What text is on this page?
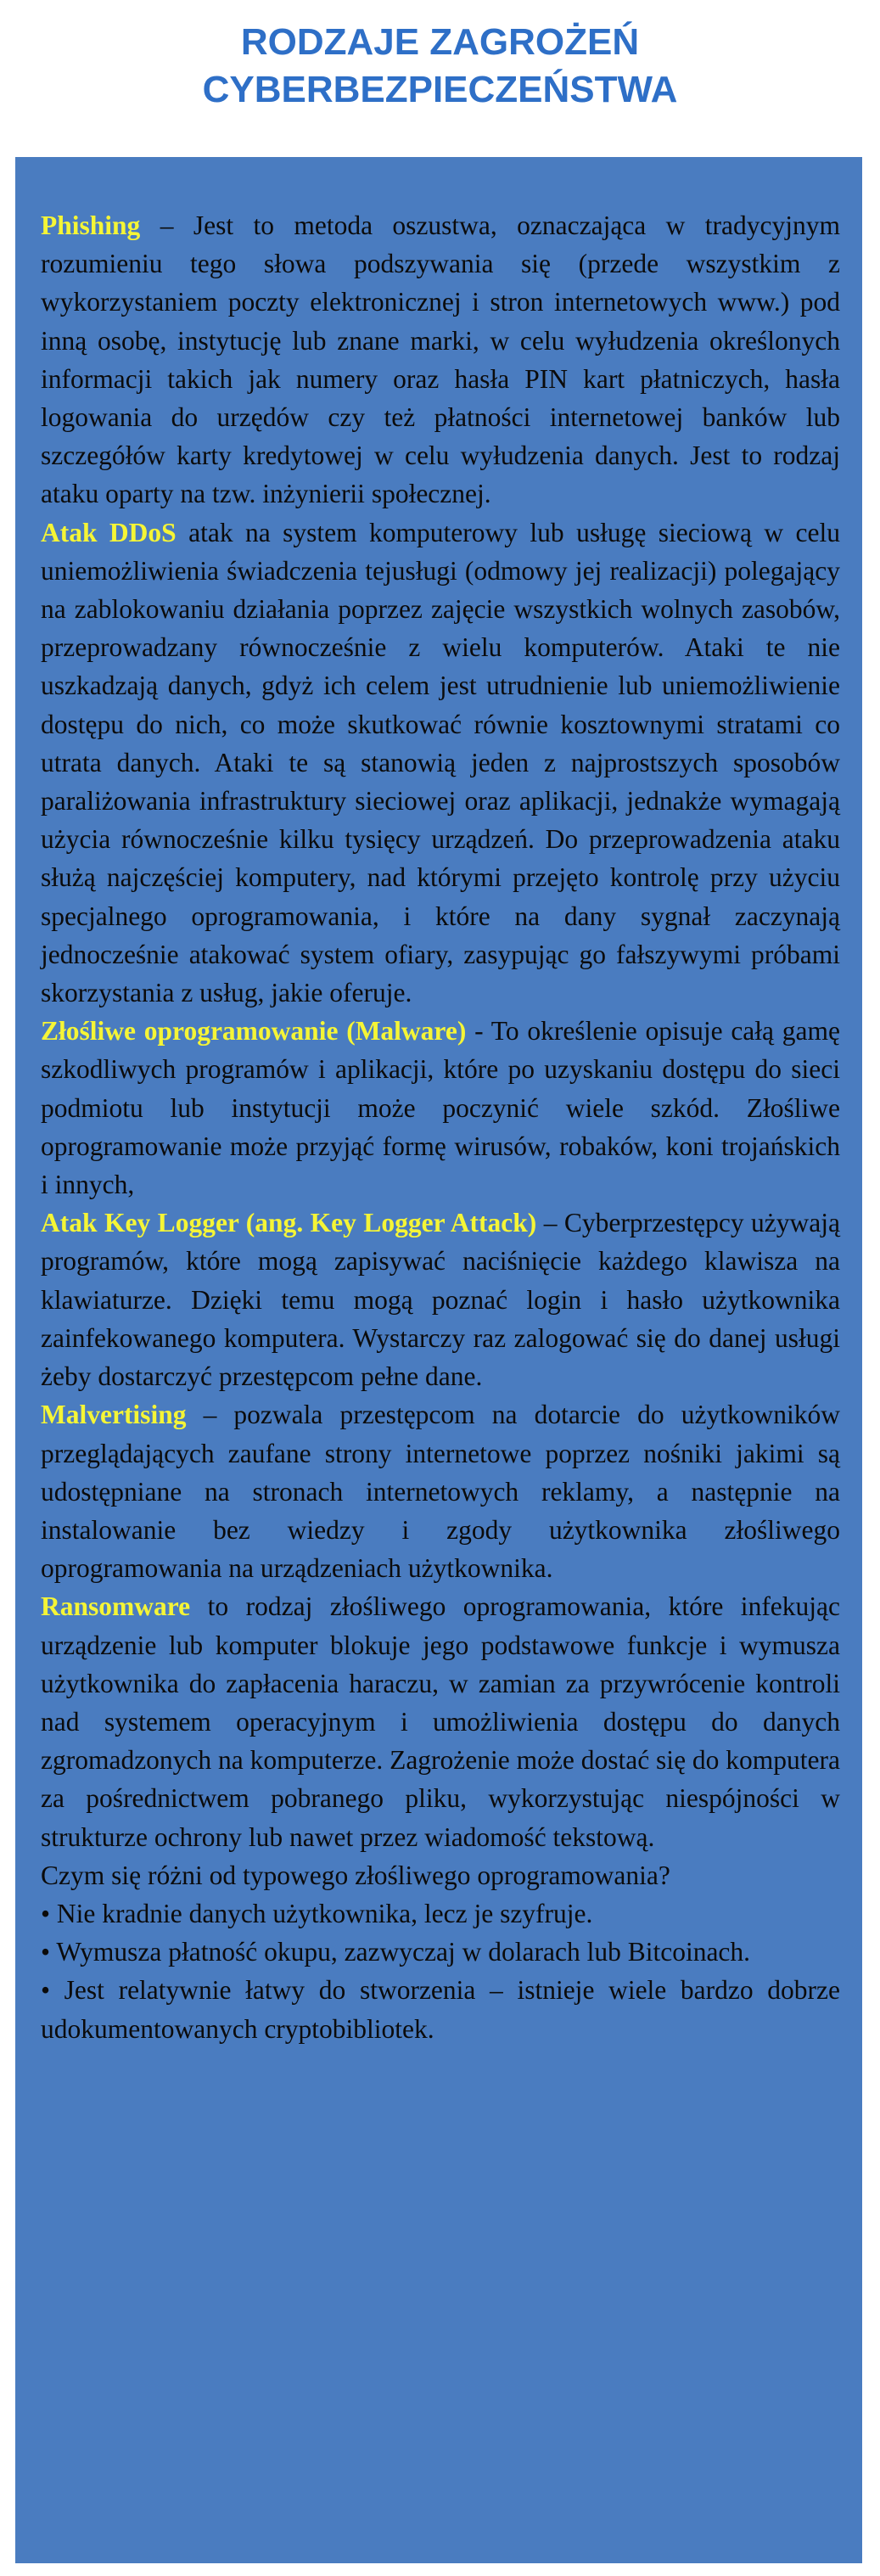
RODZAJE ZAGROŻEŃ
CYBERBEZPIECZEŃSTWA

Phishing – Jest to metoda oszustwa, oznaczająca w tradycyjnym rozumieniu tego słowa podszywania się (przede wszystkim z wykorzystaniem poczty elektronicznej i stron internetowych www.) pod inną osobę, instytucję lub znane marki, w celu wyłudzenia określonych informacji takich jak numery oraz hasła PIN kart płatniczych, hasła logowania do urzędów czy też płatności internetowej banków lub szczegółów karty kredytowej w celu wyłudzenia danych. Jest to rodzaj ataku oparty na tzw. inżynierii społecznej.

Atak DDoS atak na system komputerowy lub usługę sieciową w celu uniemożliwienia świadczenia tejusługi (odmowy jej realizacji) polegający na zablokowaniu działania poprzez zajęcie wszystkich wolnych zasobów, przeprowadzany równocześnie z wielu komputerów. Ataki te nie uszkadzają danych, gdyż ich celem jest utrudnienie lub uniemożliwienie dostępu do nich, co może skutkować równie kosztownymi stratami co utrata danych. Ataki te są stanowią jeden z najprostszych sposobów paraliżowania infrastruktury sieciowej oraz aplikacji, jednakże wymagają użycia równocześnie kilku tysięcy urządzeń. Do przeprowadzenia ataku służą najczęściej komputery, nad którymi przejęto kontrolę przy użyciu specjalnego oprogramowania, i które na dany sygnał zaczynają jednocześnie atakować system ofiary, zasypując go fałszywymi próbami skorzystania z usług, jakie oferuje.

Złośliwe oprogramowanie (Malware) - To określenie opisuje całą gamę szkodliwych programów i aplikacji, które po uzyskaniu dostępu do sieci podmiotu lub instytucji może poczynić wiele szkód. Złośliwe oprogramowanie może przyjąć formę wirusów, robaków, koni trojańskich i innych,

Atak Key Logger (ang. Key Logger Attack) – Cyberprzestępcy używają programów, które mogą zapisywać naciśnięcie każdego klawisza na klawiaturze. Dzięki temu mogą poznać login i hasło użytkownika zainfekowanego komputera. Wystarczy raz zalogować się do danej usługi żeby dostarczyć przestępcom pełne dane.

Malvertising – pozwala przestępcom na dotarcie do użytkowników przeglądających zaufane strony internetowe poprzez nośniki jakimi są udostępniane na stronach internetowych reklamy, a następnie na instalowanie bez wiedzy i zgody użytkownika złośliwego oprogramowania na urządzeniach użytkownika.

Ransomware to rodzaj złośliwego oprogramowania, które infekując urządzenie lub komputer blokuje jego podstawowe funkcje i wymusza użytkownika do zapłacenia haraczu, w zamian za przywrócenie kontroli nad systemem operacyjnym i umożliwienia dostępu do danych zgromadzonych na komputerze. Zagrożenie może dostać się do komputera za pośrednictwem pobranego pliku, wykorzystując niespójności w strukturze ochrony lub nawet przez wiadomość tekstową.

Czym się różni od typowego złośliwego oprogramowania?

• Nie kradnie danych użytkownika, lecz je szyfruje.

• Wymusza płatność okupu, zazwyczaj w dolarach lub Bitcoinach.

• Jest relatywnie łatwy do stworzenia – istnieje wiele bardzo dobrze udokumentowanych cryptobibliotek.
